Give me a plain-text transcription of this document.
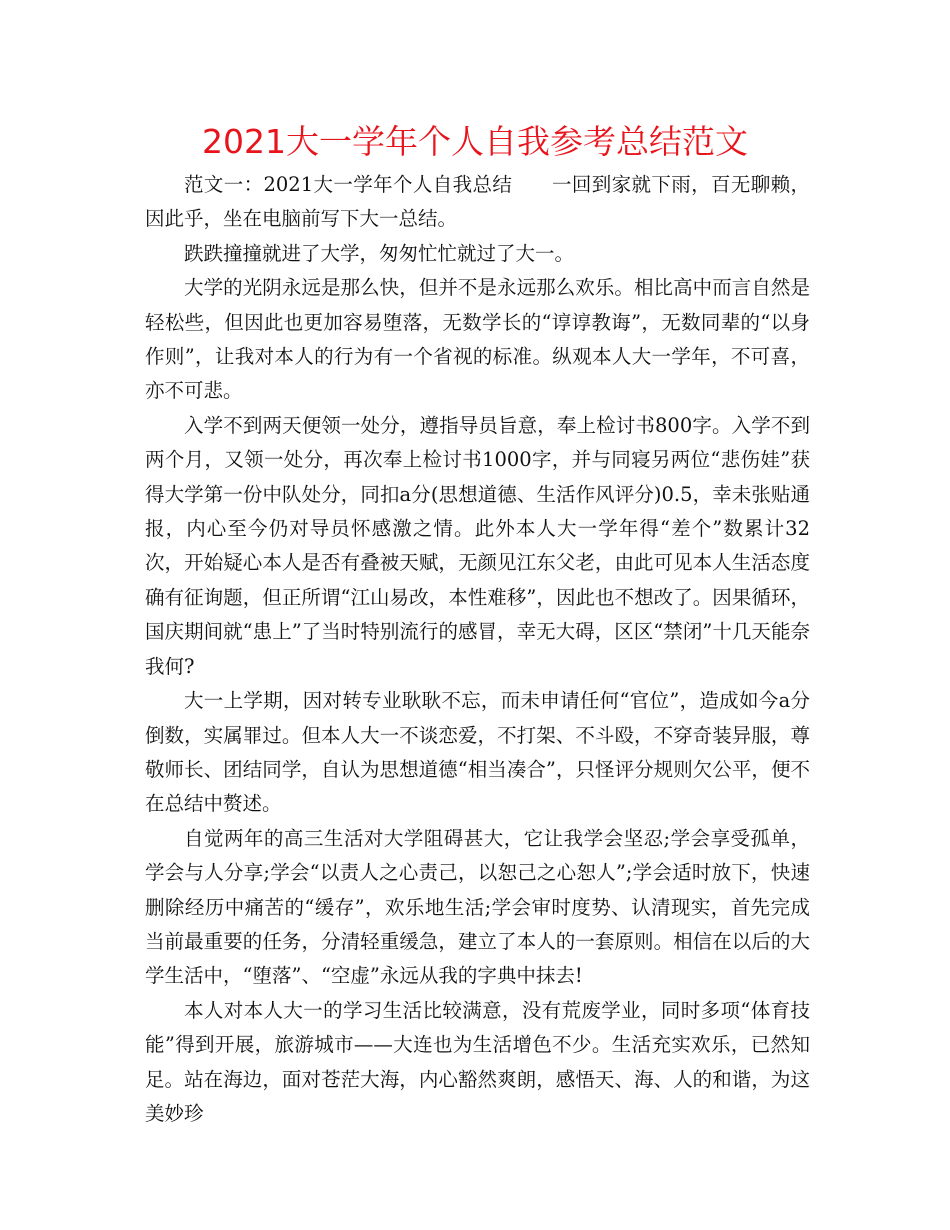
2021大一学年个人自我参考总结范文

范文一：2021大一学年个人自我总结　　一回到家就下雨，百无聊赖，因此乎，坐在电脑前写下大一总结。

跌跌撞撞就进了大学，匆匆忙忙就过了大一。

大学的光阴永远是那么快，但并不是永远那么欢乐。相比高中而言自然是轻松些，但因此也更加容易堕落，无数学长的“谆谆教诲”，无数同辈的“以身作则”，让我对本人的行为有一个省视的标准。纵观本人大一学年，不可喜，亦不可悲。

入学不到两天便领一处分，遵指导员旨意，奉上检讨书800字。入学不到两个月，又领一处分，再次奉上检讨书1000字，并与同寝另两位“悲伤娃”获得大学第一份中队处分，同扣a分(思想道德、生活作风评分)0.5，幸未张贴通报，内心至今仍对导员怀感激之情。此外本人大一学年得“差个”数累计32次，开始疑心本人是否有叠被天赋，无颜见江东父老，由此可见本人生活态度确有征询题，但正所谓“江山易改，本性难移”，因此也不想改了。因果循环，国庆期间就“患上”了当时特别流行的感冒，幸无大碍，区区“禁闭”十几天能奈我何?

大一上学期，因对转专业耿耿不忘，而未申请任何“官位”，造成如今a分倒数，实属罪过。但本人大一不谈恋爱，不打架、不斗殴，不穿奇装异服，尊敬师长、团结同学，自认为思想道德“相当凑合”，只怪评分规则欠公平，便不在总结中赘述。

自觉两年的高三生活对大学阻碍甚大，它让我学会坚忍;学会享受孤单，学会与人分享;学会“以责人之心责己，以恕己之心恕人”;学会适时放下，快速删除经历中痛苦的“缓存”，欢乐地生活;学会审时度势、认清现实，首先完成当前最重要的任务，分清轻重缓急，建立了本人的一套原则。相信在以后的大学生活中，“堕落”、“空虚”永远从我的字典中抹去!

本人对本人大一的学习生活比较满意，没有荒废学业，同时多项“体育技能”得到开展，旅游城市——大连也为生活增色不少。生活充实欢乐，已然知足。站在海边，面对苍茫大海，内心豁然爽朗，感悟天、海、人的和谐，为这美妙珍
